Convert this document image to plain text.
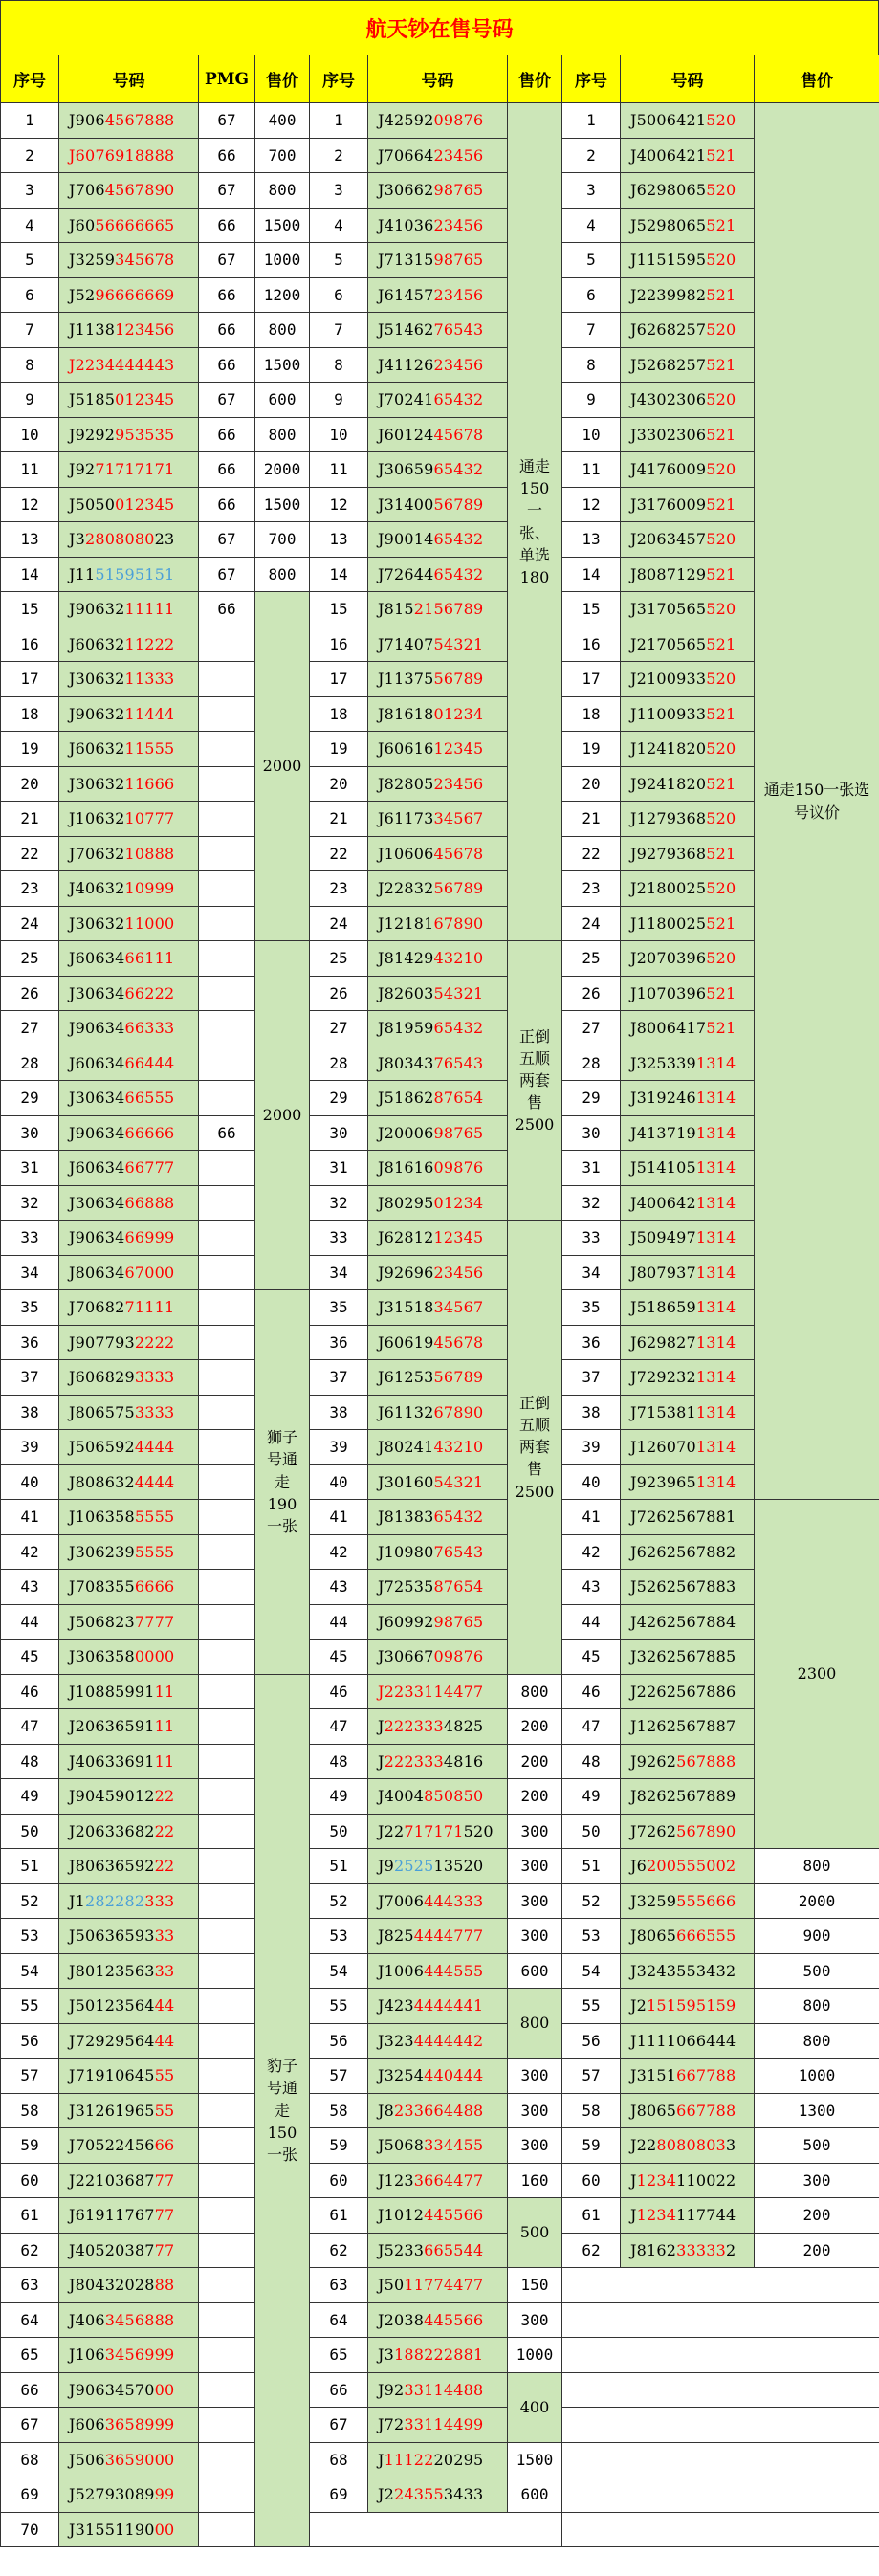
航天钞在售号码
序号	号码	PMG	售价	序号	号码	售价	序号	号码	售价
1	J9064567888	67	400	1	J4259209876	通走150一张、单选180	1	J5006421520	通走150一张选号议价
2	J6076918888	66	700	2	J7066423456		2	J4006421521	
3	J7064567890	67	800	3	J3066298765		3	J6298065520	
4	J6056666665	66	1500	4	J4103623456		4	J5298065521	
5	J3259345678	67	1000	5	J7131598765		5	J1151595520	
6	J5296666669	66	1200	6	J6145723456		6	J2239982521	
7	J1138123456	66	800	7	J5146276543		7	J6268257520	
8	J2234444443	66	1500	8	J4112623456		8	J5268257521	
9	J5185012345	67	600	9	J7024165432		9	J4302306520	
10	J9292953535	66	800	10	J6012445678		10	J3302306521	
11	J9271717171	66	2000	11	J3065965432		11	J4176009520	
12	J5050012345	66	1500	12	J3140056789		12	J3176009521	
13	J3280808023	67	700	13	J9001465432		13	J2063457520	
14	J1151595151	67	800	14	J7264465432		14	J8087129521	
15	J9063211111	66	2000	15	J8152156789		15	J3170565520	
16	J6063211222			16	J7140754321		16	J2170565521	
17	J3063211333			17	J1137556789		17	J2100933520	
18	J9063211444			18	J8161801234		18	J1100933521	
19	J6063211555			19	J6061612345		19	J1241820520	
20	J3063211666			20	J8280523456		20	J9241820521	
21	J1063210777			21	J6117334567		21	J1279368520	
22	J7063210888			22	J1060645678		22	J9279368521	
23	J4063210999			23	J2283256789		23	J2180025520	
24	J3063211000			24	J1218167890		24	J1180025521	
25	J6063466111		2000	25	J8142943210	正倒五顺两套售2500	25	J2070396520	
26	J3063466222			26	J8260354321		26	J1070396521	
27	J9063466333			27	J8195965432		27	J8006417521	
28	J6063466444			28	J8034376543		28	J3253391314	
29	J3063466555			29	J5186287654		29	J3192461314	
30	J9063466666	66		30	J2000698765		30	J4137191314	
31	J6063466777			31	J8161609876		31	J5141051314	
32	J3063466888			32	J8029501234		32	J4006421314	
33	J9063466999			33	J6281212345	正倒五顺两套售2500	33	J5094971314	
34	J8063467000			34	J9269623456		34	J8079371314	
35	J7068271111		狮子号通走190一张	35	J3151834567		35	J5186591314	
36	J9077932222			36	J6061945678		36	J6298271314	
37	J6068293333			37	J6125356789		37	J7292321314	
38	J8065753333			38	J6113267890		38	J7153811314	
39	J5065924444			39	J8024143210		39	J1260701314	
40	J8086324444			40	J3016054321		40	J9239651314	
41	J1063585555			41	J8138365432		41	J7262567881	2300
42	J3062395555			42	J1098076543		42	J6262567882	
43	J7083556666			43	J7253587654		43	J5262567883	
44	J5068237777			44	J6099298765		44	J4262567884	
45	J3063580000			45	J3066709876		45	J3262567885	
46	J1088599111		豹子号通走150一张	46	J2233114477	800	46	J2262567886	
47	J2063659111			47	J2223334825	200	47	J1262567887	
48	J4063369111			48	J2223334816	200	48	J9262567888	
49	J9045901222			49	J4004850850	200	49	J8262567889	
50	J2063368222			50	J22717171520	300	50	J7262567890	
51	J8063659222			51	J9252513520	300	51	J6200555002	800
52	J1282282333			52	J7006444333	300	52	J3259555666	2000
53	J5063659333			53	J8254444777	300	53	J8065666555	900
54	J8012356333			54	J1006444555	600	54	J3243553432	500
55	J5012356444			55	J4234444441	800	55	J2151595159	800
56	J7292956444			56	J3234444442		56	J1111066444	800
57	J7191064555			57	J3254440444	300	57	J3151667788	1000
58	J3126196555			58	J8233664488	300	58	J8065667788	1300
59	J7052245666			59	J5068334455	300	59	J2280808033	500
60	J2210368777			60	J1233664477	160	60	J1234110022	300
61	J6191176777			61	J1012445566	500	61	J1234117744	200
62	J4052038777			62	J5233665544		62	J8162333332	200
63	J8043202888			63	J5011774477	150			
64	J4063456888			64	J2038445566	300			
65	J1063456999			65	J3188222881	1000			
66	J9063457000			66	J9233114488	400			
67	J6063658999			67	J7233114499				
68	J5063659000			68	J1112220295	1500			
69	J5279308999			69	J2243553433	600			
70	J3155119000								
